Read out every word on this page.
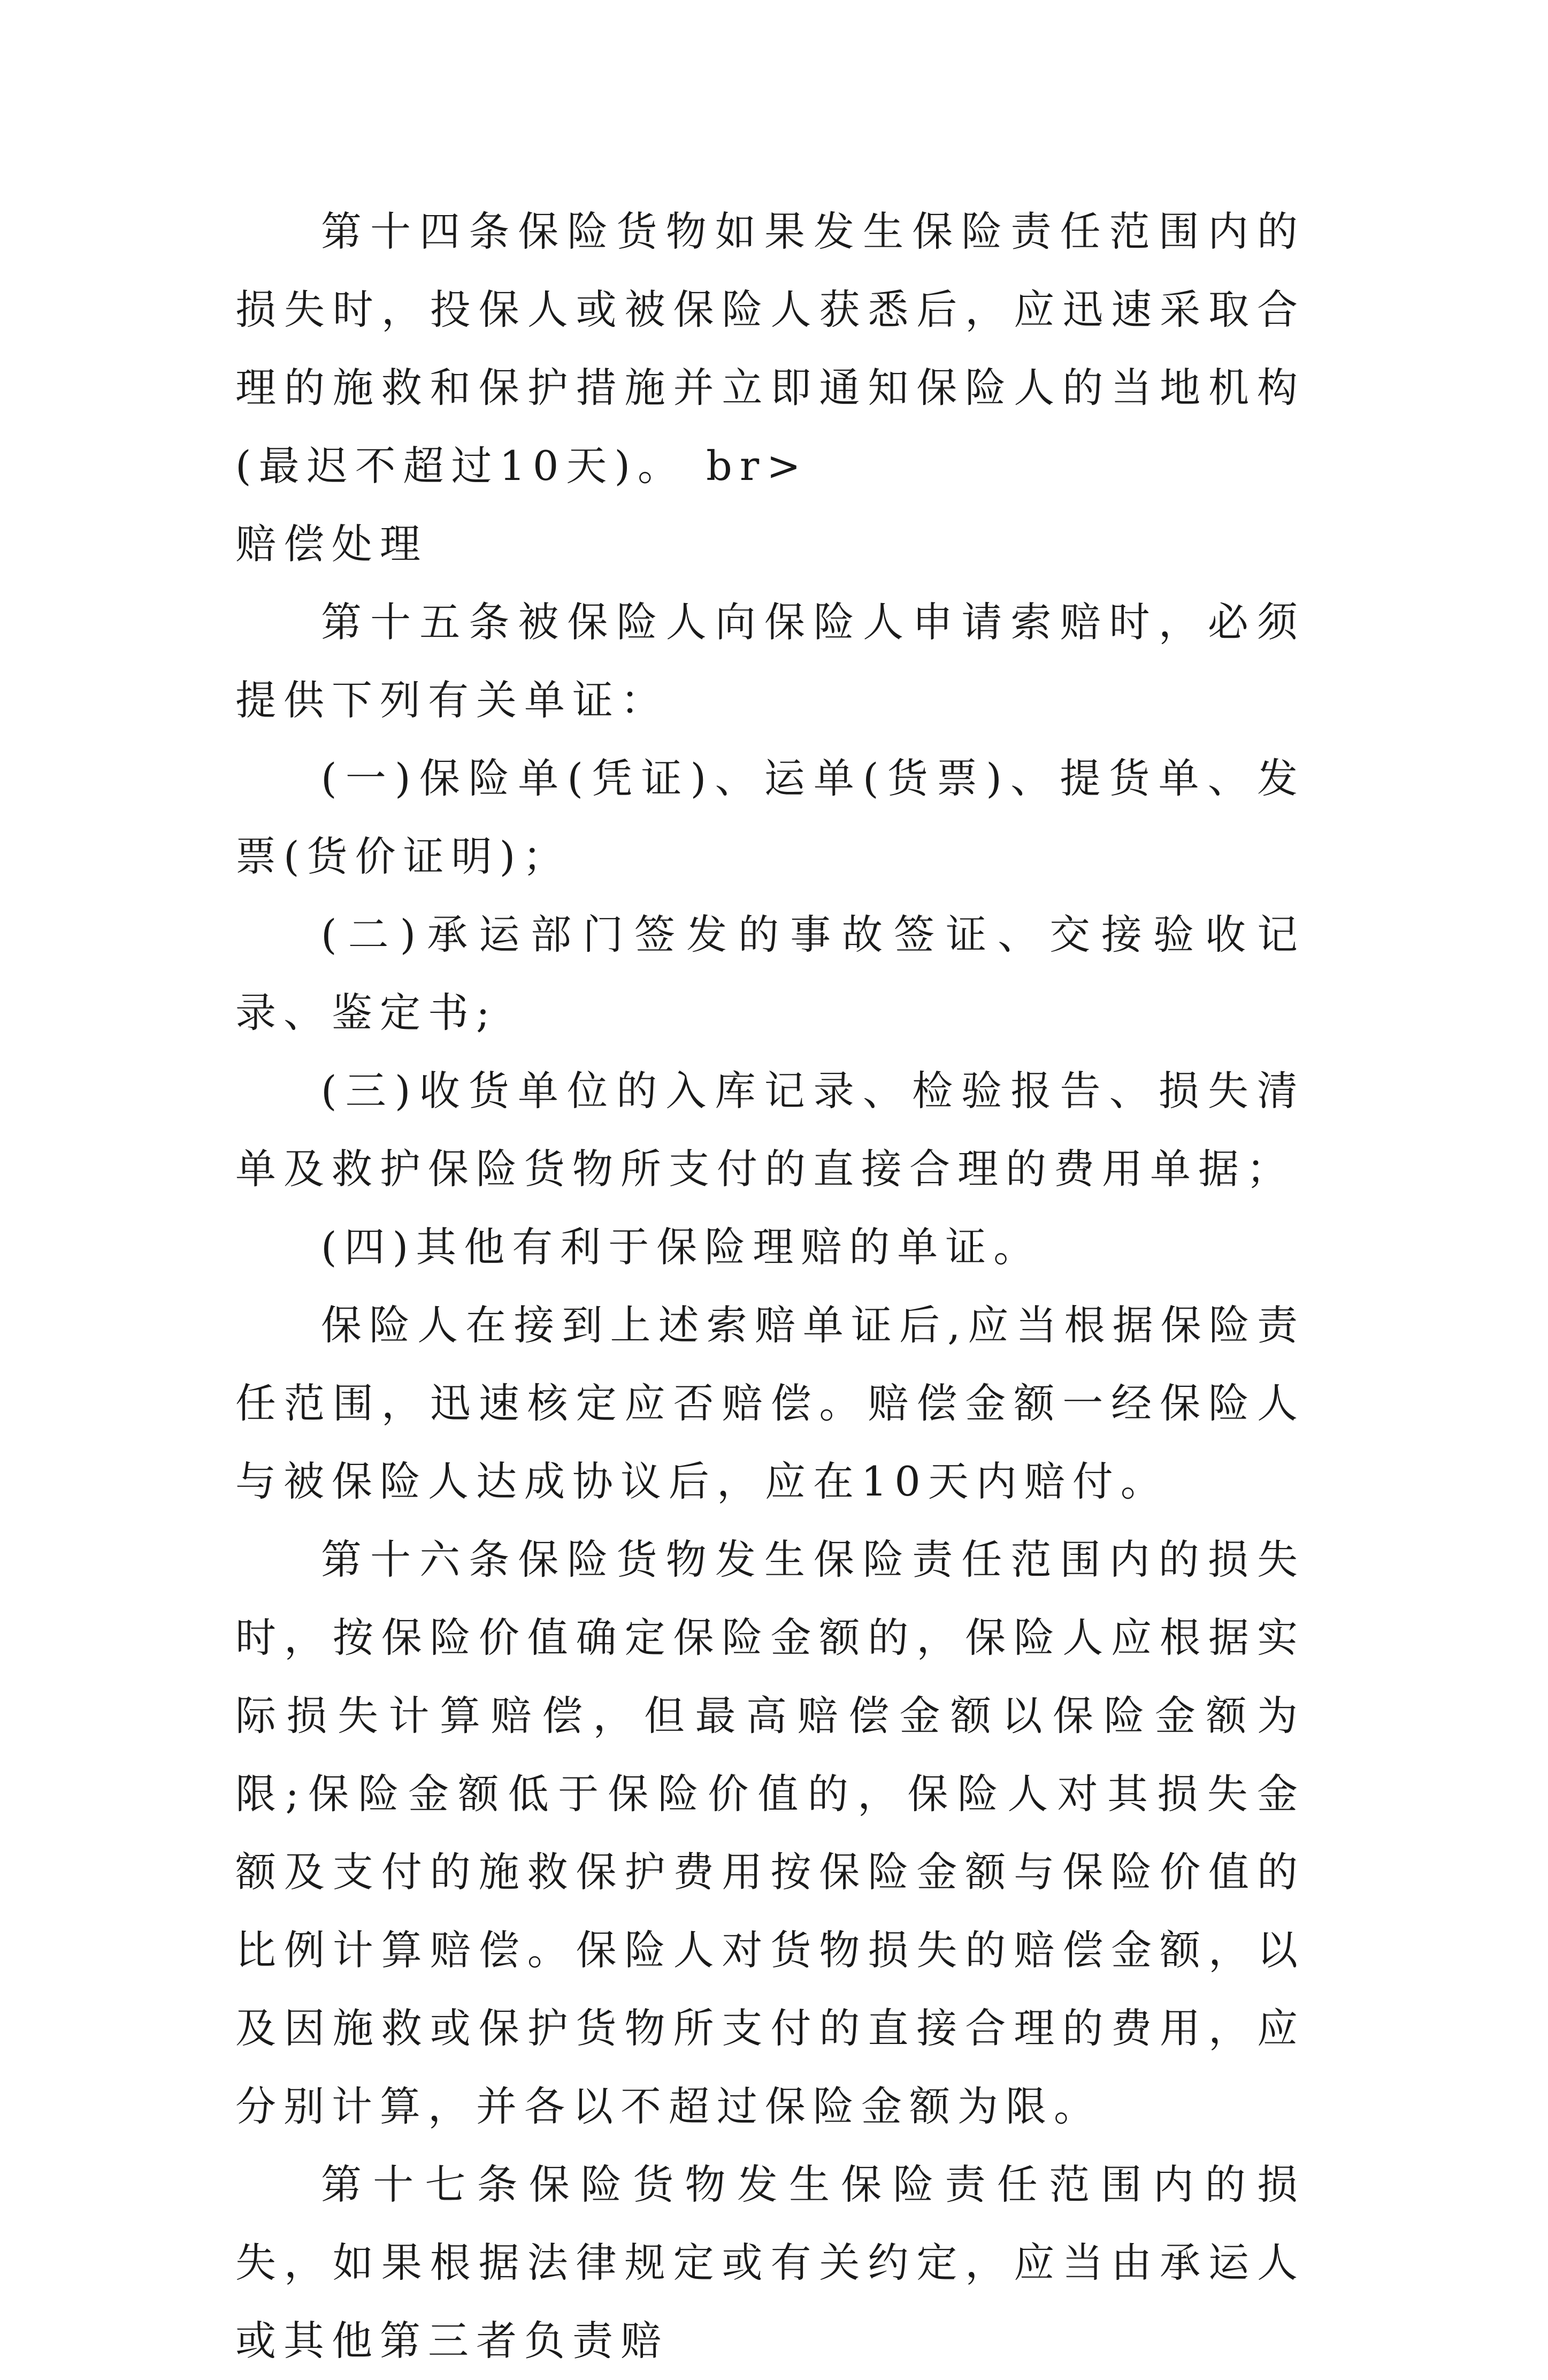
第十四条保险货物如果发生保险责任范围内的损失时，投保人或被保险人获悉后，应迅速采取合理的施救和保护措施并立即通知保险人的当地机构(最迟不超过10天)。 br>

赔偿处理

第十五条被保险人向保险人申请索赔时，必须提供下列有关单证：

(一)保险单(凭证)、运单(货票)、提货单、发票(货价证明)；

(二)承运部门签发的事故签证、交接验收记录、鉴定书;

(三)收货单位的入库记录、检验报告、损失清单及救护保险货物所支付的直接合理的费用单据；

(四)其他有利于保险理赔的单证。

保险人在接到上述索赔单证后,应当根据保险责任范围，迅速核定应否赔偿。赔偿金额一经保险人与被保险人达成协议后，应在10天内赔付。

第十六条保险货物发生保险责任范围内的损失时，按保险价值确定保险金额的，保险人应根据实际损失计算赔偿，但最高赔偿金额以保险金额为限;保险金额低于保险价值的，保险人对其损失金额及支付的施救保护费用按保险金额与保险价值的比例计算赔偿。保险人对货物损失的赔偿金额，以及因施救或保护货物所支付的直接合理的费用，应分别计算，并各以不超过保险金额为限。

第十七条保险货物发生保险责任范围内的损失，如果根据法律规定或有关约定，应当由承运人或其他第三者负责赔
